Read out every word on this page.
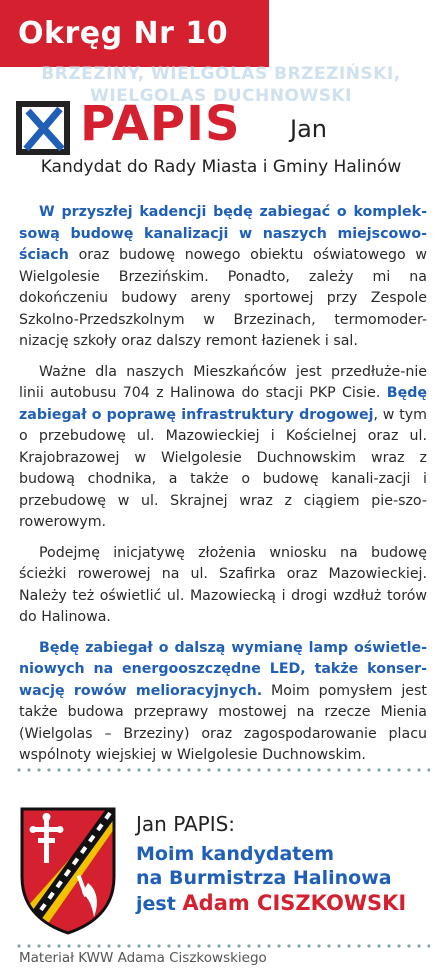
Okręg Nr 10
BRZEZINY, WIELGOLAS BRZEZIŃSKI,
WIELGOLAS DUCHNOWSKI
PAPIS Jan
Kandydat do Rady Miasta i Gminy Halinów

W przyszłej kadencji będę zabiegać o komplek-sową budowę kanalizacji w naszych miejscowo-ściach oraz budowę nowego obiektu oświatowego w Wielgolesie Brzezińskim. Ponadto, zależy mi na dokończeniu budowy areny sportowej przy Zespole Szkolno-Przedszkolnym w Brzezinach, termomoder-nizację szkoły oraz dalszy remont łazienek i sal.

Ważne dla naszych Mieszkańców jest przedłuże-nie linii autobusu 704 z Halinowa do stacji PKP Cisie. Będę zabiegał o poprawę infrastruktury drogowej, w tym o przebudowę ul. Mazowieckiej i Kościelnej oraz ul. Krajobrazowej w Wielgolesie Duchnowskim wraz z budową chodnika, a także o budowę kanali-zacji i przebudowę w ul. Skrajnej wraz z ciągiem pie-szo-rowerowym.

Podejmę inicjatywę złożenia wniosku na budowę ścieżki rowerowej na ul. Szafirka oraz Mazowieckiej. Należy też oświetlić ul. Mazowiecką i drogi wzdłuż torów do Halinowa.

Będę zabiegał o dalszą wymianę lamp oświetle-niowych na energooszczędne LED, także konser-wację rowów melioracyjnych. Moim pomysłem jest także budowa przeprawy mostowej na rzecze Mienia (Wielgolas – Brzeziny) oraz zagospodarowanie placu wspólnoty wiejskiej w Wielgolesie Duchnowskim.

Jan PAPIS:
Moim kandydatem
na Burmistrza Halinowa
jest Adam CISZKOWSKI
Materiał KWW Adama Ciszkowskiego
